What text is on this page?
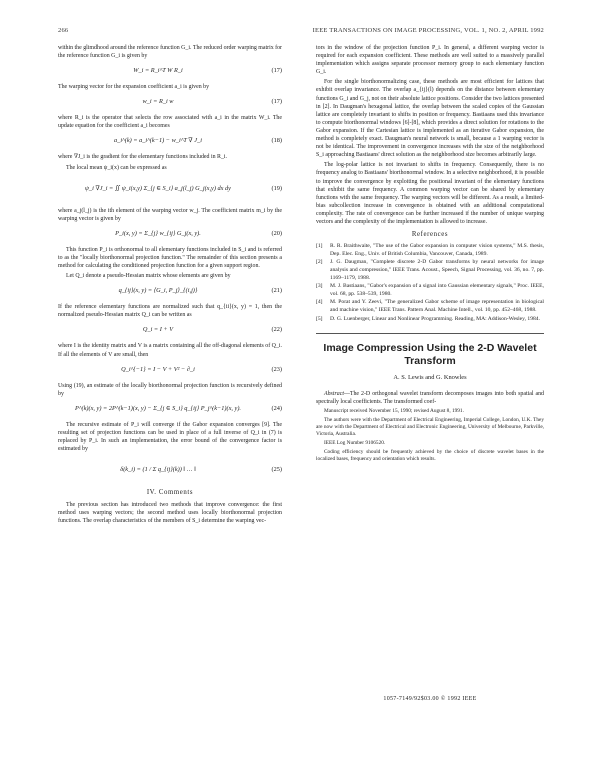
266	IEEE TRANSACTIONS ON IMAGE PROCESSING, VOL. 1, NO. 2, APRIL 1992

within the glimdhood around the reference function G_i. The reduced order warping matrix for the reference function G_i is given by

W_i = R_i^T W R_i	(17)

The warping vector for the expansion coefficient a_i is given by

w_i = R_i w	(17)

where R_i is the operator that selects the row associated with a_i in the matrix W_i. The update equation for the coefficient a_i becomes

a_i^(k) = a_i^(k−1) − w_i^T ∇ J_i	(18)

where ∇J_i is the gradient for the elementary functions included in R_i.

The local mean ψ_i(x) can be expressed as

ψ_i ∇J_i = ∬ ψ_i(x,y) Σ_{j ∈ S_i} a_j(l_j) G_j(x,y) dx dy	(19)

where a_j(l_j) is the ith element of the warping vector w_j. The coefficient matrix m_i by the warping vector is given by

P_i(x, y) = Σ_{j} w_{ij} G_j(x, y).	(20)

This function P_i is orthonormal to all elementary functions included in S_i and is referred to as the "locally biorthonormal projection function." The remainder of this section presents a method for calculating the conditioned projection function for a given support region.

Let Q_i denote a pseudo-Hessian matrix whose elements are given by

q_{ij}(x, y) = ⟨G_i, P_j⟩_{(i,j)}	(21)

If the reference elementary functions are normalized such that q_{ii}(x, y) = 1, then the normalized pseudo-Hessian matrix Q_i can be written as

Q_i = I + V	(22)

where I is the identity matrix and V is a matrix containing all the off-diagonal elements of Q_i. If all the elements of V are small, then

Q_i^{−1} = I − V + V² − ∂_i	(23)

Using (19), an estimate of the locally biorthonormal projection function is recursively defined by

P^(k)(x, y) = 2P^(k−1)(x, y) − Σ_{j ∈ S_i} q_{ij} P_j^(k−1)(x, y).	(24)

The recursive estimate of P_i will converge if the Gabor expansion converges [9]. The resulting set of projection functions can be used in place of a full inverse of Q_i in (7) is replaced by P_i. In such an implementation, the error bound of the convergence factor is estimated by

δ(k_i) = (1 / Σ q_{ij}(k)) ‖ … ‖	(25)
IV. Comments

The previous section has introduced two methods that improve convergence: the first method uses warping vectors; the second method uses locally biorthonormal projection functions. The overlap characteristics of the members of S_i determine the warping vec-

tors in the window of the projection function P_i. In general, a different warping vector is required for each expansion coefficient. These methods are well suited to a massively parallel implementation which assigns separate processor memory group to each elementary function G_i.

For the single biorthonormalizing case, these methods are most efficient for lattices that exhibit overlap invariance. The overlap a_{ij}(l) depends on the distance between elementary functions G_i and G_j, not on their absolute lattice positions. Consider the two lattices presented in [2]. In Daugman's hexagonal lattice, the overlap between the scaled copies of the Gaussian lattice are completely invariant to shifts in position or frequency. Bastiaans used this invariance to compute biorthonormal windows [6]-[8], which provides a direct solution for rotations to the Gabor expansion. If the Cartesian lattice is implemented as an iterative Gabor expansion, the method is completely exact. Daugman's neural network is small, because a 1 warping vector is not be identical. The improvement in convergence increases with the size of the neighborhood S_i approaching Bastiaans' direct solution as the neighborhood size becomes arbitrarily large.

The log-polar lattice is not invariant to shifts in frequency. Consequently, there is no frequency analog to Bastiaans' biorthonormal window. In a selective neighborhood, it is possible to improve the convergence by exploiting the positional invariant of the elementary functions that exhibit the same frequency. A common warping vector can be shared by elementary functions with the same frequency. The warping vectors will be different. As a result, a limited-bias subcollection increase in convergence is obtained with an additional computational complexity. The rate of convergence can be further increased if the number of unique warping vectors and the complexity of the implementation is allowed to increase.

References
[1] R. R. Braithwaite, "The use of the Gabor expansion in computer vision systems," M.S. thesis, Dep. Elec. Eng., Univ. of British Columbia, Vancouver, Canada, 1989.
[2] J. G. Daugman, "Complete discrete 2-D Gabor transforms by neural networks for image analysis and compression," IEEE Trans. Acoust., Speech, Signal Processing, vol. 36, no. 7, pp. 1169–1179, 1988.
[3] M. J. Bastiaans, "Gabor's expansion of a signal into Gaussian elementary signals," Proc. IEEE, vol. 68, pp. 538–539, 1980.
[4] M. Porat and Y. Zeevi, "The generalized Gabor scheme of image representation in biological and machine vision," IEEE Trans. Pattern Anal. Machine Intell., vol. 10, pp. 452–468, 1988.
[5] D. G. Luenberger, Linear and Nonlinear Programming. Reading, MA: Addison-Wesley, 1984.
Image Compression Using the 2-D Wavelet Transform
A. S. Lewis and G. Knowles

Abstract—The 2-D orthogonal wavelet transform decomposes images into both spatial and spectrally local coefficients. The transformed coef-

Manuscript received November 15, 1990; revised August 8, 1991.

The authors were with the Department of Electrical Engineering, Imperial College, London, U.K. They are now with the Department of Electrical and Electronic Engineering, University of Melbourne, Parkville, Victoria, Australia.

IEEE Log Number 9106520.

Coding efficiency should be frequently achieved by the choice of discrete wavelet bases in the localized bases, frequency and orientation which results.

1057-7149/92$03.00 © 1992 IEEE
